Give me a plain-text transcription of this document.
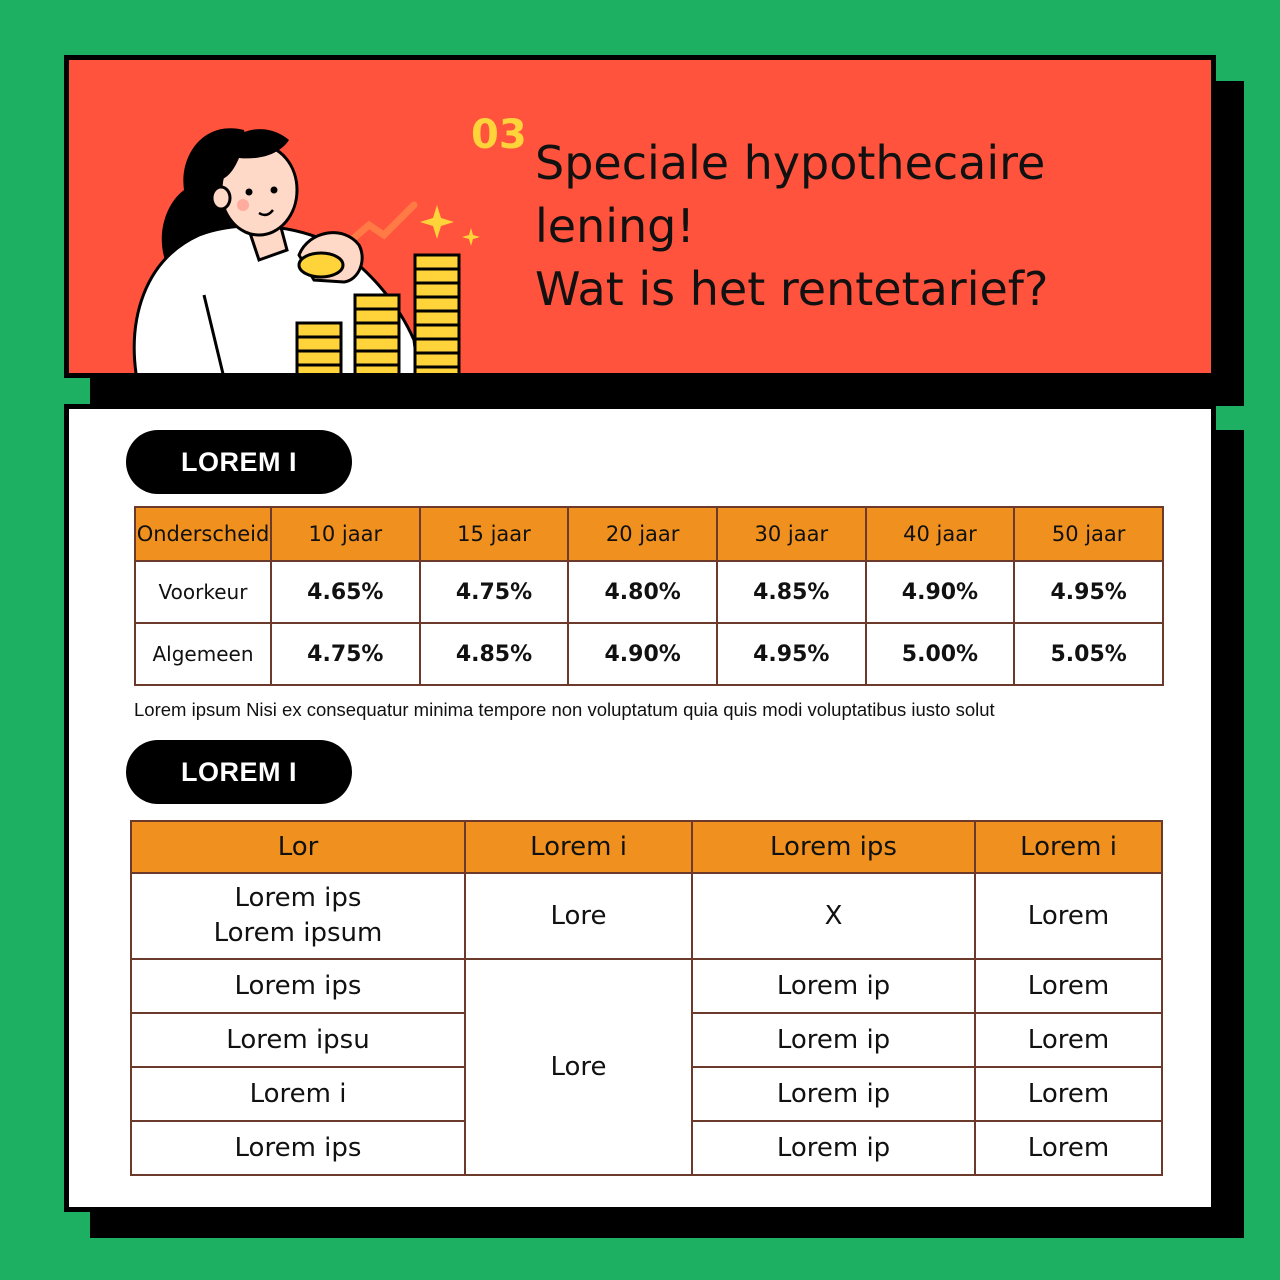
03
Speciale hypothecaire
lening!
Wat is het rentetarief?
LOREM I
Onderscheid	10 jaar	15 jaar	20 jaar	30 jaar	40 jaar	50 jaar
Voorkeur	4.65%	4.75%	4.80%	4.85%	4.90%	4.95%
Algemeen	4.75%	4.85%	4.90%	4.95%	5.00%	5.05%
Lorem ipsum Nisi ex consequatur minima tempore non voluptatum quia quis modi voluptatibus iusto solut
LOREM I
Lor	Lorem i	Lorem ips	Lorem i

Lorem ips
Lorem ipsum	Lore	X	Lorem
Lorem ips	Lore	Lorem ip	Lorem
Lorem ipsu		Lorem ip	Lorem
Lorem i		Lorem ip	Lorem
Lorem ips		Lorem ip	Lorem
